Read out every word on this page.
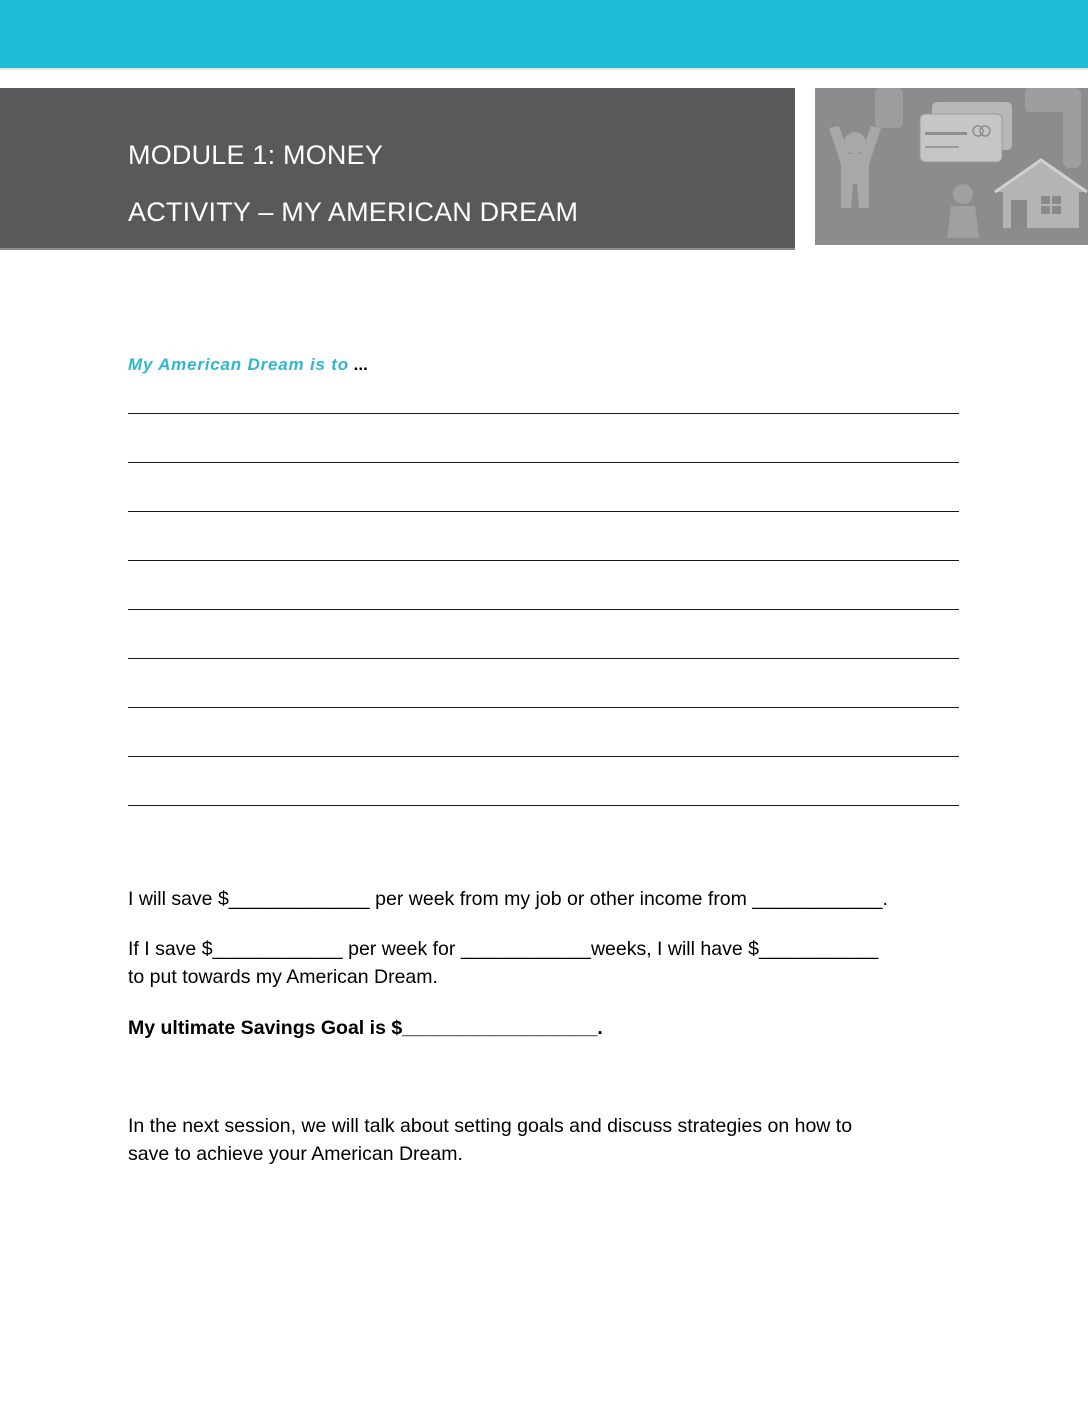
MODULE 1: MONEY
ACTIVITY – MY AMERICAN DREAM
My American Dream is to ...
I will save $_____________ per week from my job or other income from ____________.
If I save $____________ per week for ____________weeks, I will have $___________
to put towards my American Dream.
My ultimate Savings Goal is $__________________.
In the next session, we will talk about setting goals and discuss strategies on how to
save to achieve your American Dream.
